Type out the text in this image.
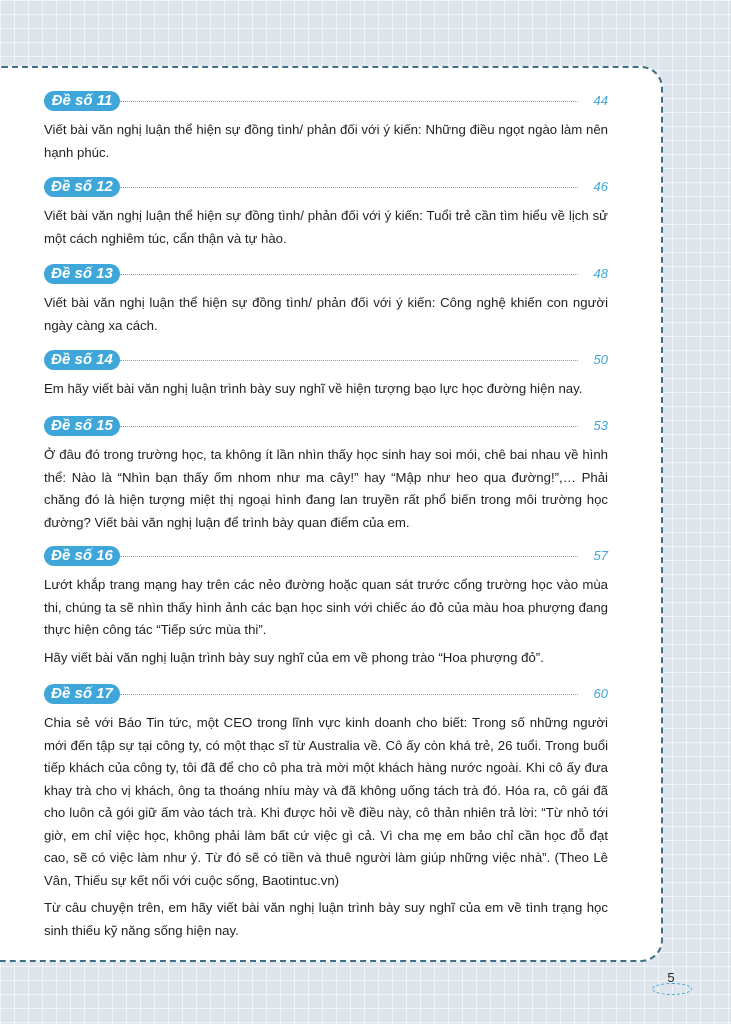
Đề số 11	44

Viết bài văn nghị luận thể hiện sự đồng tình/ phản đối với ý kiến: Những điều ngọt ngào làm nên hạnh phúc.

Đề số 12	46

Viết bài văn nghị luận thể hiện sự đồng tình/ phản đối với ý kiến: Tuổi trẻ cần tìm hiểu về lịch sử một cách nghiêm túc, cẩn thận và tự hào.

Đề số 13	48

Viết bài văn nghị luận thể hiện sự đồng tình/ phản đối với ý kiến: Công nghệ khiến con người ngày càng xa cách.

Đề số 14	50

Em hãy viết bài văn nghị luận trình bày suy nghĩ về hiện tượng bạo lực học đường hiện nay.

Đề số 15	53

Ở đâu đó trong trường học, ta không ít lần nhìn thấy học sinh hay soi mói, chê bai nhau về hình thể: Nào là “Nhìn bạn thấy ốm nhom như ma cây!” hay “Mập như heo qua đường!”,… Phải chăng đó là hiện tượng miệt thị ngoại hình đang lan truyền rất phổ biến trong môi trường học đường? Viết bài văn nghị luận để trình bày quan điểm của em.

Đề số 16	57

Lướt khắp trang mạng hay trên các nẻo đường hoặc quan sát trước cổng trường học vào mùa thi, chúng ta sẽ nhìn thấy hình ảnh các bạn học sinh với chiếc áo đỏ của màu hoa phượng đang thực hiện công tác “Tiếp sức mùa thi”.

Hãy viết bài văn nghị luận trình bày suy nghĩ của em về phong trào “Hoa phượng đỏ”.

Đề số 17	60

Chia sẻ với Báo Tin tức, một CEO trong lĩnh vực kinh doanh cho biết: Trong số những người mới đến tập sự tại công ty, có một thạc sĩ từ Australia về. Cô ấy còn khá trẻ, 26 tuổi. Trong buổi tiếp khách của công ty, tôi đã để cho cô pha trà mời một khách hàng nước ngoài. Khi cô ấy đưa khay trà cho vị khách, ông ta thoáng nhíu mày và đã không uống tách trà đó. Hóa ra, cô gái đã cho luôn cả gói giữ ấm vào tách trà. Khi được hỏi về điều này, cô thản nhiên trả lời: “Từ nhỏ tới giờ, em chỉ việc học, không phải làm bất cứ việc gì cả. Vì cha mẹ em bảo chỉ cần học đỗ đạt cao, sẽ có việc làm như ý. Từ đó sẽ có tiền và thuê người làm giúp những việc nhà”. (Theo Lê Vân, Thiếu sự kết nối với cuộc sống, Baotintuc.vn)

Từ câu chuyện trên, em hãy viết bài văn nghị luận trình bày suy nghĩ của em về tình trạng học sinh thiếu kỹ năng sống hiện nay.

5
